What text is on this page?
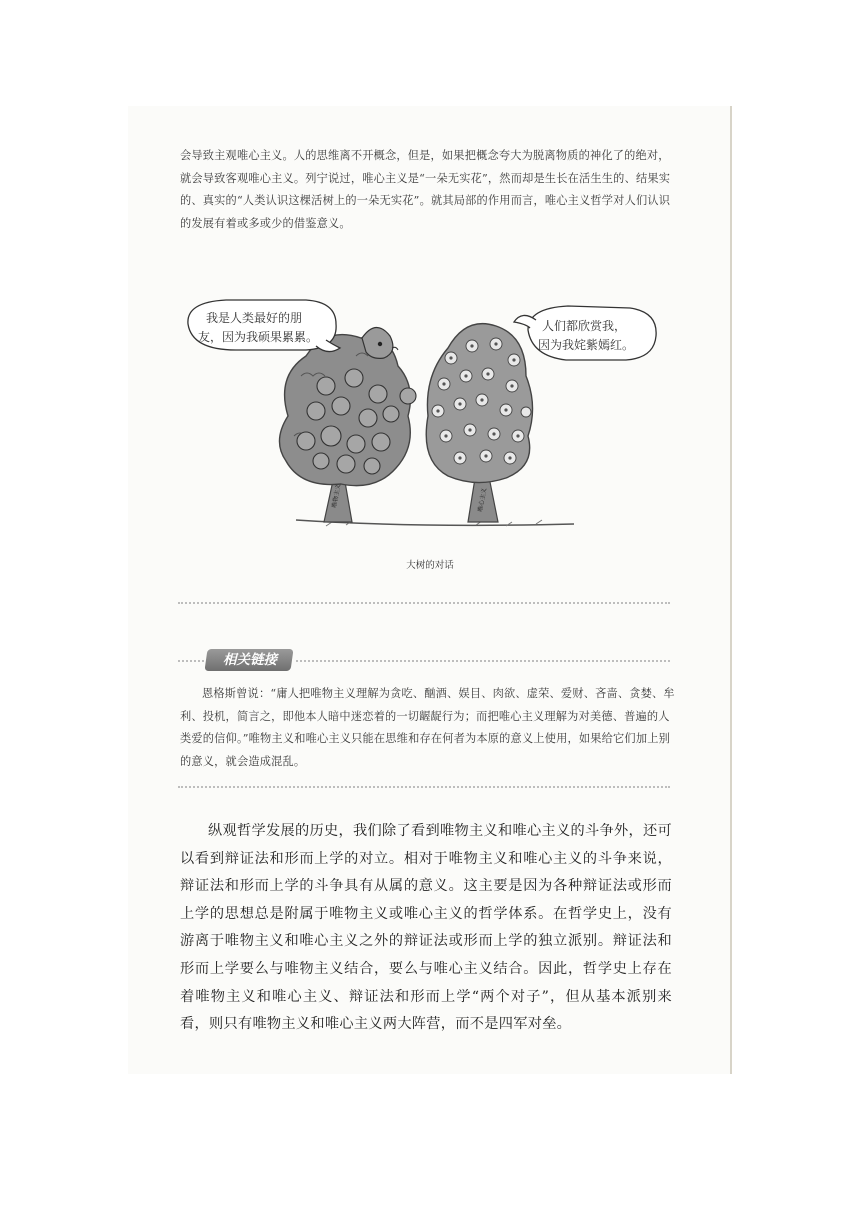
会导致主观唯心主义。人的思维离不开概念，但是，如果把概念夸大为脱离物质的神化了的绝对，就会导致客观唯心主义。列宁说过，唯心主义是“一朵无实花”，然而却是生长在活生生的、结果实的、真实的“人类认识这棵活树上的一朵无实花”。就其局部的作用而言，唯心主义哲学对人们认识的发展有着或多或少的借鉴意义。

唯物主义	唯心主义
我是人类最好的朋
友，因为我硕果累累。
人们都欣赏我，
因为我姹紫嫣红。
大树的对话
相关链接

恩格斯曾说：“庸人把唯物主义理解为贪吃、酗酒、娱目、肉欲、虚荣、爱财、吝啬、贪婪、牟利、投机，简言之，即他本人暗中迷恋着的一切龌龊行为；而把唯心主义理解为对美德、普遍的人类爱的信仰。”唯物主义和唯心主义只能在思维和存在何者为本原的意义上使用，如果给它们加上别的意义，就会造成混乱。

纵观哲学发展的历史，我们除了看到唯物主义和唯心主义的斗争外，还可以看到辩证法和形而上学的对立。相对于唯物主义和唯心主义的斗争来说，辩证法和形而上学的斗争具有从属的意义。这主要是因为各种辩证法或形而上学的思想总是附属于唯物主义或唯心主义的哲学体系。在哲学史上，没有游离于唯物主义和唯心主义之外的辩证法或形而上学的独立派别。辩证法和形而上学要么与唯物主义结合，要么与唯心主义结合。因此，哲学史上存在着唯物主义和唯心主义、辩证法和形而上学“两个对子”，但从基本派别来看，则只有唯物主义和唯心主义两大阵营，而不是四军对垒。
